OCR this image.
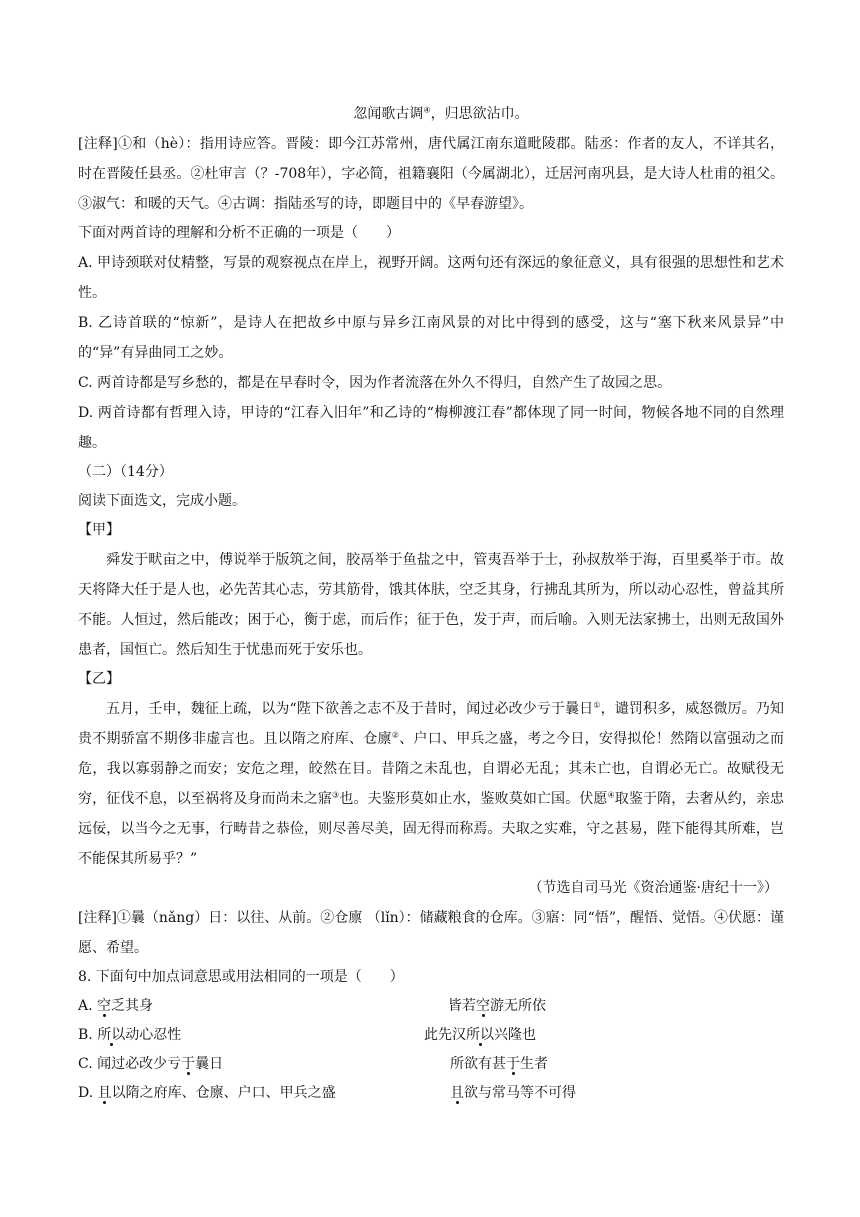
忽闻歌古调④，归思欲沾巾。
[注释]①和（hè）：指用诗应答。晋陵：即今江苏常州，唐代属江南东道毗陵郡。陆丞：作者的友人，不详其名，时在晋陵任县丞。②杜审言（？-708年），字必简，祖籍襄阳（今属湖北），迁居河南巩县，是大诗人杜甫的祖父。③淑气：和暖的天气。④古调：指陆丞写的诗，即题目中的《早春游望》。
下面对两首诗的理解和分析不正确的一项是（　　）
A. 甲诗颈联对仗精整，写景的观察视点在岸上，视野开阔。这两句还有深远的象征意义，具有很强的思想性和艺术性。
B. 乙诗首联的“惊新”，是诗人在把故乡中原与异乡江南风景的对比中得到的感受，这与“塞下秋来风景异”中的“异”有异曲同工之妙。
C. 两首诗都是写乡愁的，都是在早春时令，因为作者流落在外久不得归，自然产生了故园之思。
D. 两首诗都有哲理入诗，甲诗的“江春入旧年”和乙诗的“梅柳渡江春”都体现了同一时间，物候各地不同的自然理趣。
（二）（14分）
阅读下面选文，完成小题。
【甲】
舜发于畎亩之中，傅说举于版筑之间，胶鬲举于鱼盐之中，管夷吾举于士，孙叔敖举于海，百里奚举于市。故天将降大任于是人也，必先苦其心志，劳其筋骨，饿其体肤，空乏其身，行拂乱其所为，所以动心忍性，曾益其所不能。人恒过，然后能改；困于心，衡于虑，而后作；征于色，发于声，而后喻。入则无法家拂士，出则无敌国外患者，国恒亡。然后知生于忧患而死于安乐也。
【乙】
五月，壬申，魏征上疏，以为“陛下欲善之志不及于昔时，闻过必改少亏于曩日①，谴罚积多，威怒微厉。乃知贵不期骄富不期侈非虚言也。且以隋之府库、仓廪②、户口、甲兵之盛，考之今日，安得拟伦！然隋以富强动之而危，我以寡弱静之而安；安危之理，皎然在目。昔隋之未乱也，自谓必无乱；其未亡也，自谓必无亡。故赋役无穷，征伐不息，以至祸将及身而尚未之寤③也。夫鉴形莫如止水，鉴败莫如亡国。伏愿④取鉴于隋，去奢从约，亲忠远佞，以当今之无事，行畴昔之恭俭，则尽善尽美，固无得而称焉。夫取之实难，守之甚易，陛下能得其所难，岂不能保其所易乎？”
（节选自司马光《资治通鉴·唐纪十一》）
[注释]①曩（nǎng）日：以往、从前。②仓廪 （lǐn）：储藏粮食的仓库。③寤：同“悟”，醒悟、觉悟。④伏愿：谨愿、希望。
8. 下面句中加点词意思或用法相同的一项是（　　）
A. 空乏其身	皆若空游无所依
B. 所以动心忍性	此先汉所以兴隆也
C. 闻过必改少亏于曩日	所欲有甚于生者
D. 且以隋之府库、仓廪、户口、甲兵之盛	且欲与常马等不可得
